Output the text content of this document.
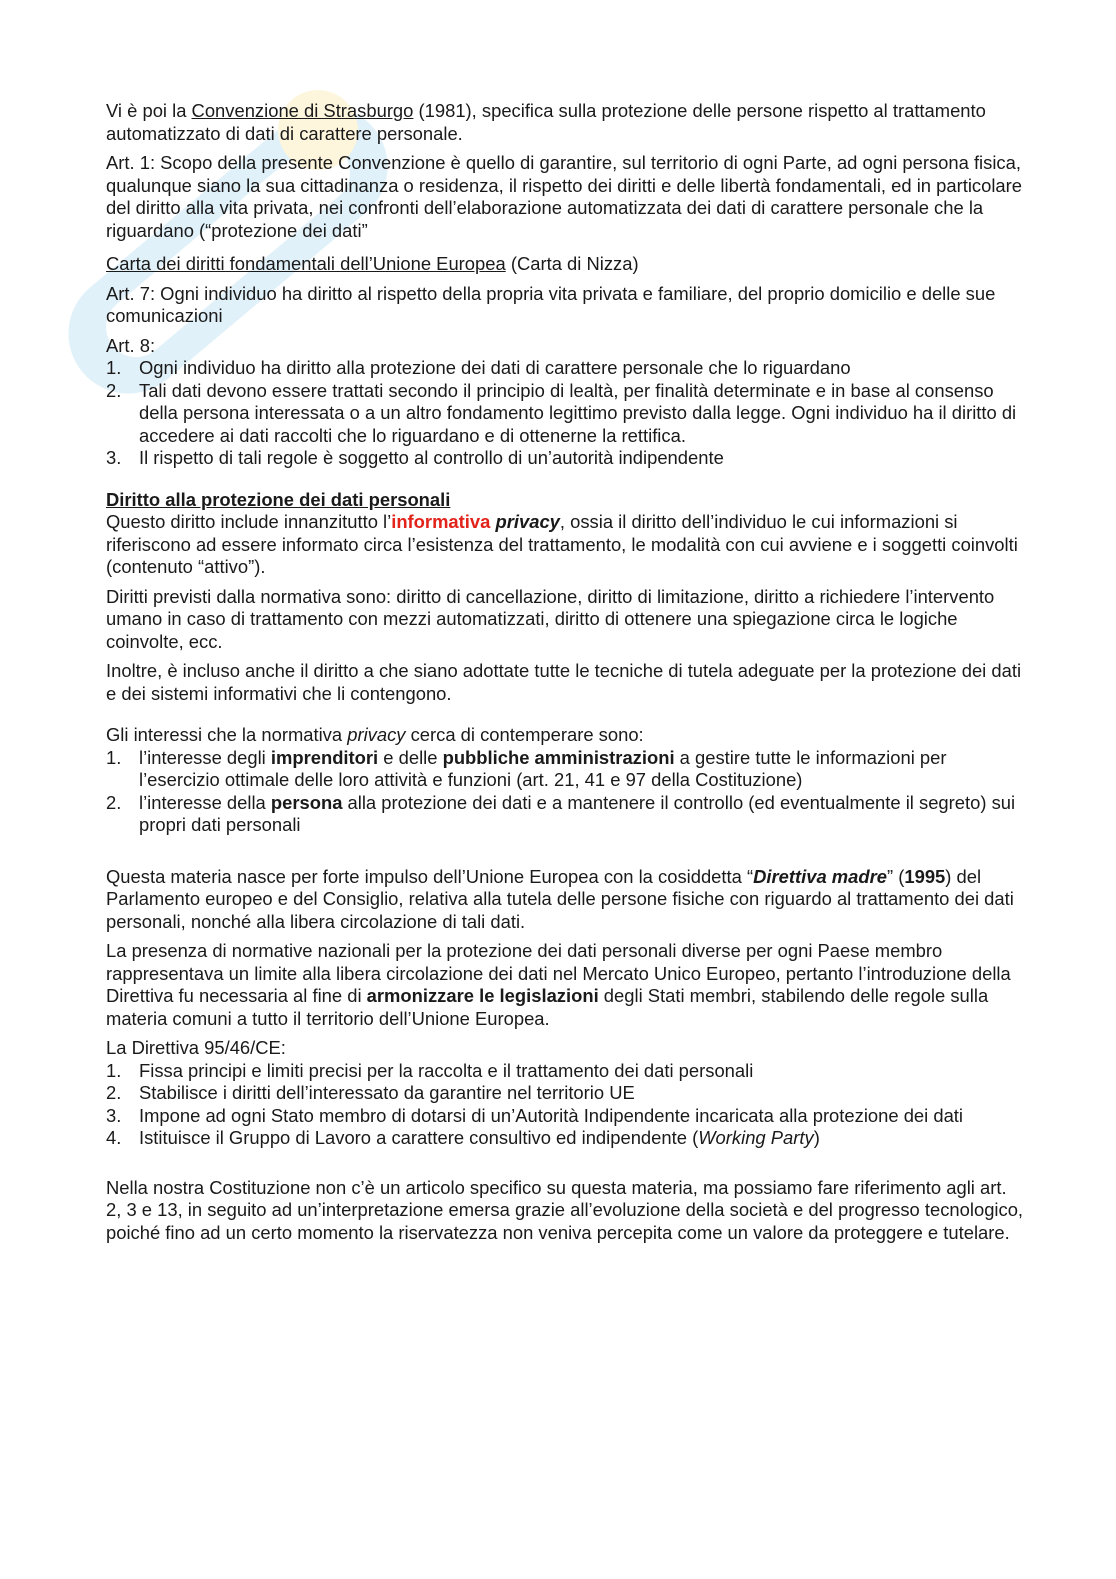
Vi è poi la Convenzione di Strasburgo (1981), specifica sulla protezione delle persone rispetto al trattamento automatizzato di dati di carattere personale.

Art. 1: Scopo della presente Convenzione è quello di garantire, sul territorio di ogni Parte, ad ogni persona fisica, qualunque siano la sua cittadinanza o residenza, il rispetto dei diritti e delle libertà fondamentali, ed in particolare del diritto alla vita privata, nei confronti dell’elaborazione automatizzata dei dati di carattere personale che la riguardano (“protezione dei dati”

Carta dei diritti fondamentali dell’Unione Europea (Carta di Nizza)

Art. 7: Ogni individuo ha diritto al rispetto della propria vita privata e familiare, del proprio domicilio e delle sue comunicazioni

Art. 8:

1. Ogni individuo ha diritto alla protezione dei dati di carattere personale che lo riguardano
2. Tali dati devono essere trattati secondo il principio di lealtà, per finalità determinate e in base al consenso della persona interessata o a un altro fondamento legittimo previsto dalla legge. Ogni individuo ha il diritto di accedere ai dati raccolti che lo riguardano e di ottenerne la rettifica.
3. Il rispetto di tali regole è soggetto al controllo di un’autorità indipendente

Diritto alla protezione dei dati personali

Questo diritto include innanzitutto l’informativa privacy, ossia il diritto dell’individuo le cui informazioni si riferiscono ad essere informato circa l’esistenza del trattamento, le modalità con cui avviene e i soggetti coinvolti (contenuto “attivo”).

Diritti previsti dalla normativa sono: diritto di cancellazione, diritto di limitazione, diritto a richiedere l’intervento umano in caso di trattamento con mezzi automatizzati, diritto di ottenere una spiegazione circa le logiche coinvolte, ecc.

Inoltre, è incluso anche il diritto a che siano adottate tutte le tecniche di tutela adeguate per la protezione dei dati e dei sistemi informativi che li contengono.

Gli interessi che la normativa privacy cerca di contemperare sono:

1. l’interesse degli imprenditori e delle pubbliche amministrazioni a gestire tutte le informazioni per l’esercizio ottimale delle loro attività e funzioni (art. 21, 41 e 97 della Costituzione)
2. l’interesse della persona alla protezione dei dati e a mantenere il controllo (ed eventualmente il segreto) sui propri dati personali

Questa materia nasce per forte impulso dell’Unione Europea con la cosiddetta “Direttiva madre” (1995) del Parlamento europeo e del Consiglio, relativa alla tutela delle persone fisiche con riguardo al trattamento dei dati personali, nonché alla libera circolazione di tali dati.

La presenza di normative nazionali per la protezione dei dati personali diverse per ogni Paese membro rappresentava un limite alla libera circolazione dei dati nel Mercato Unico Europeo, pertanto l’introduzione della Direttiva fu necessaria al fine di armonizzare le legislazioni degli Stati membri, stabilendo delle regole sulla materia comuni a tutto il territorio dell’Unione Europea.

La Direttiva 95/46/CE:

1. Fissa principi e limiti precisi per la raccolta e il trattamento dei dati personali
2. Stabilisce i diritti dell’interessato da garantire nel territorio UE
3. Impone ad ogni Stato membro di dotarsi di un’Autorità Indipendente incaricata alla protezione dei dati
4. Istituisce il Gruppo di Lavoro a carattere consultivo ed indipendente (Working Party)

Nella nostra Costituzione non c’è un articolo specifico su questa materia, ma possiamo fare riferimento agli art. 2, 3 e 13, in seguito ad un’interpretazione emersa grazie all’evoluzione della società e del progresso tecnologico, poiché fino ad un certo momento la riservatezza non veniva percepita come un valore da proteggere e tutelare.
